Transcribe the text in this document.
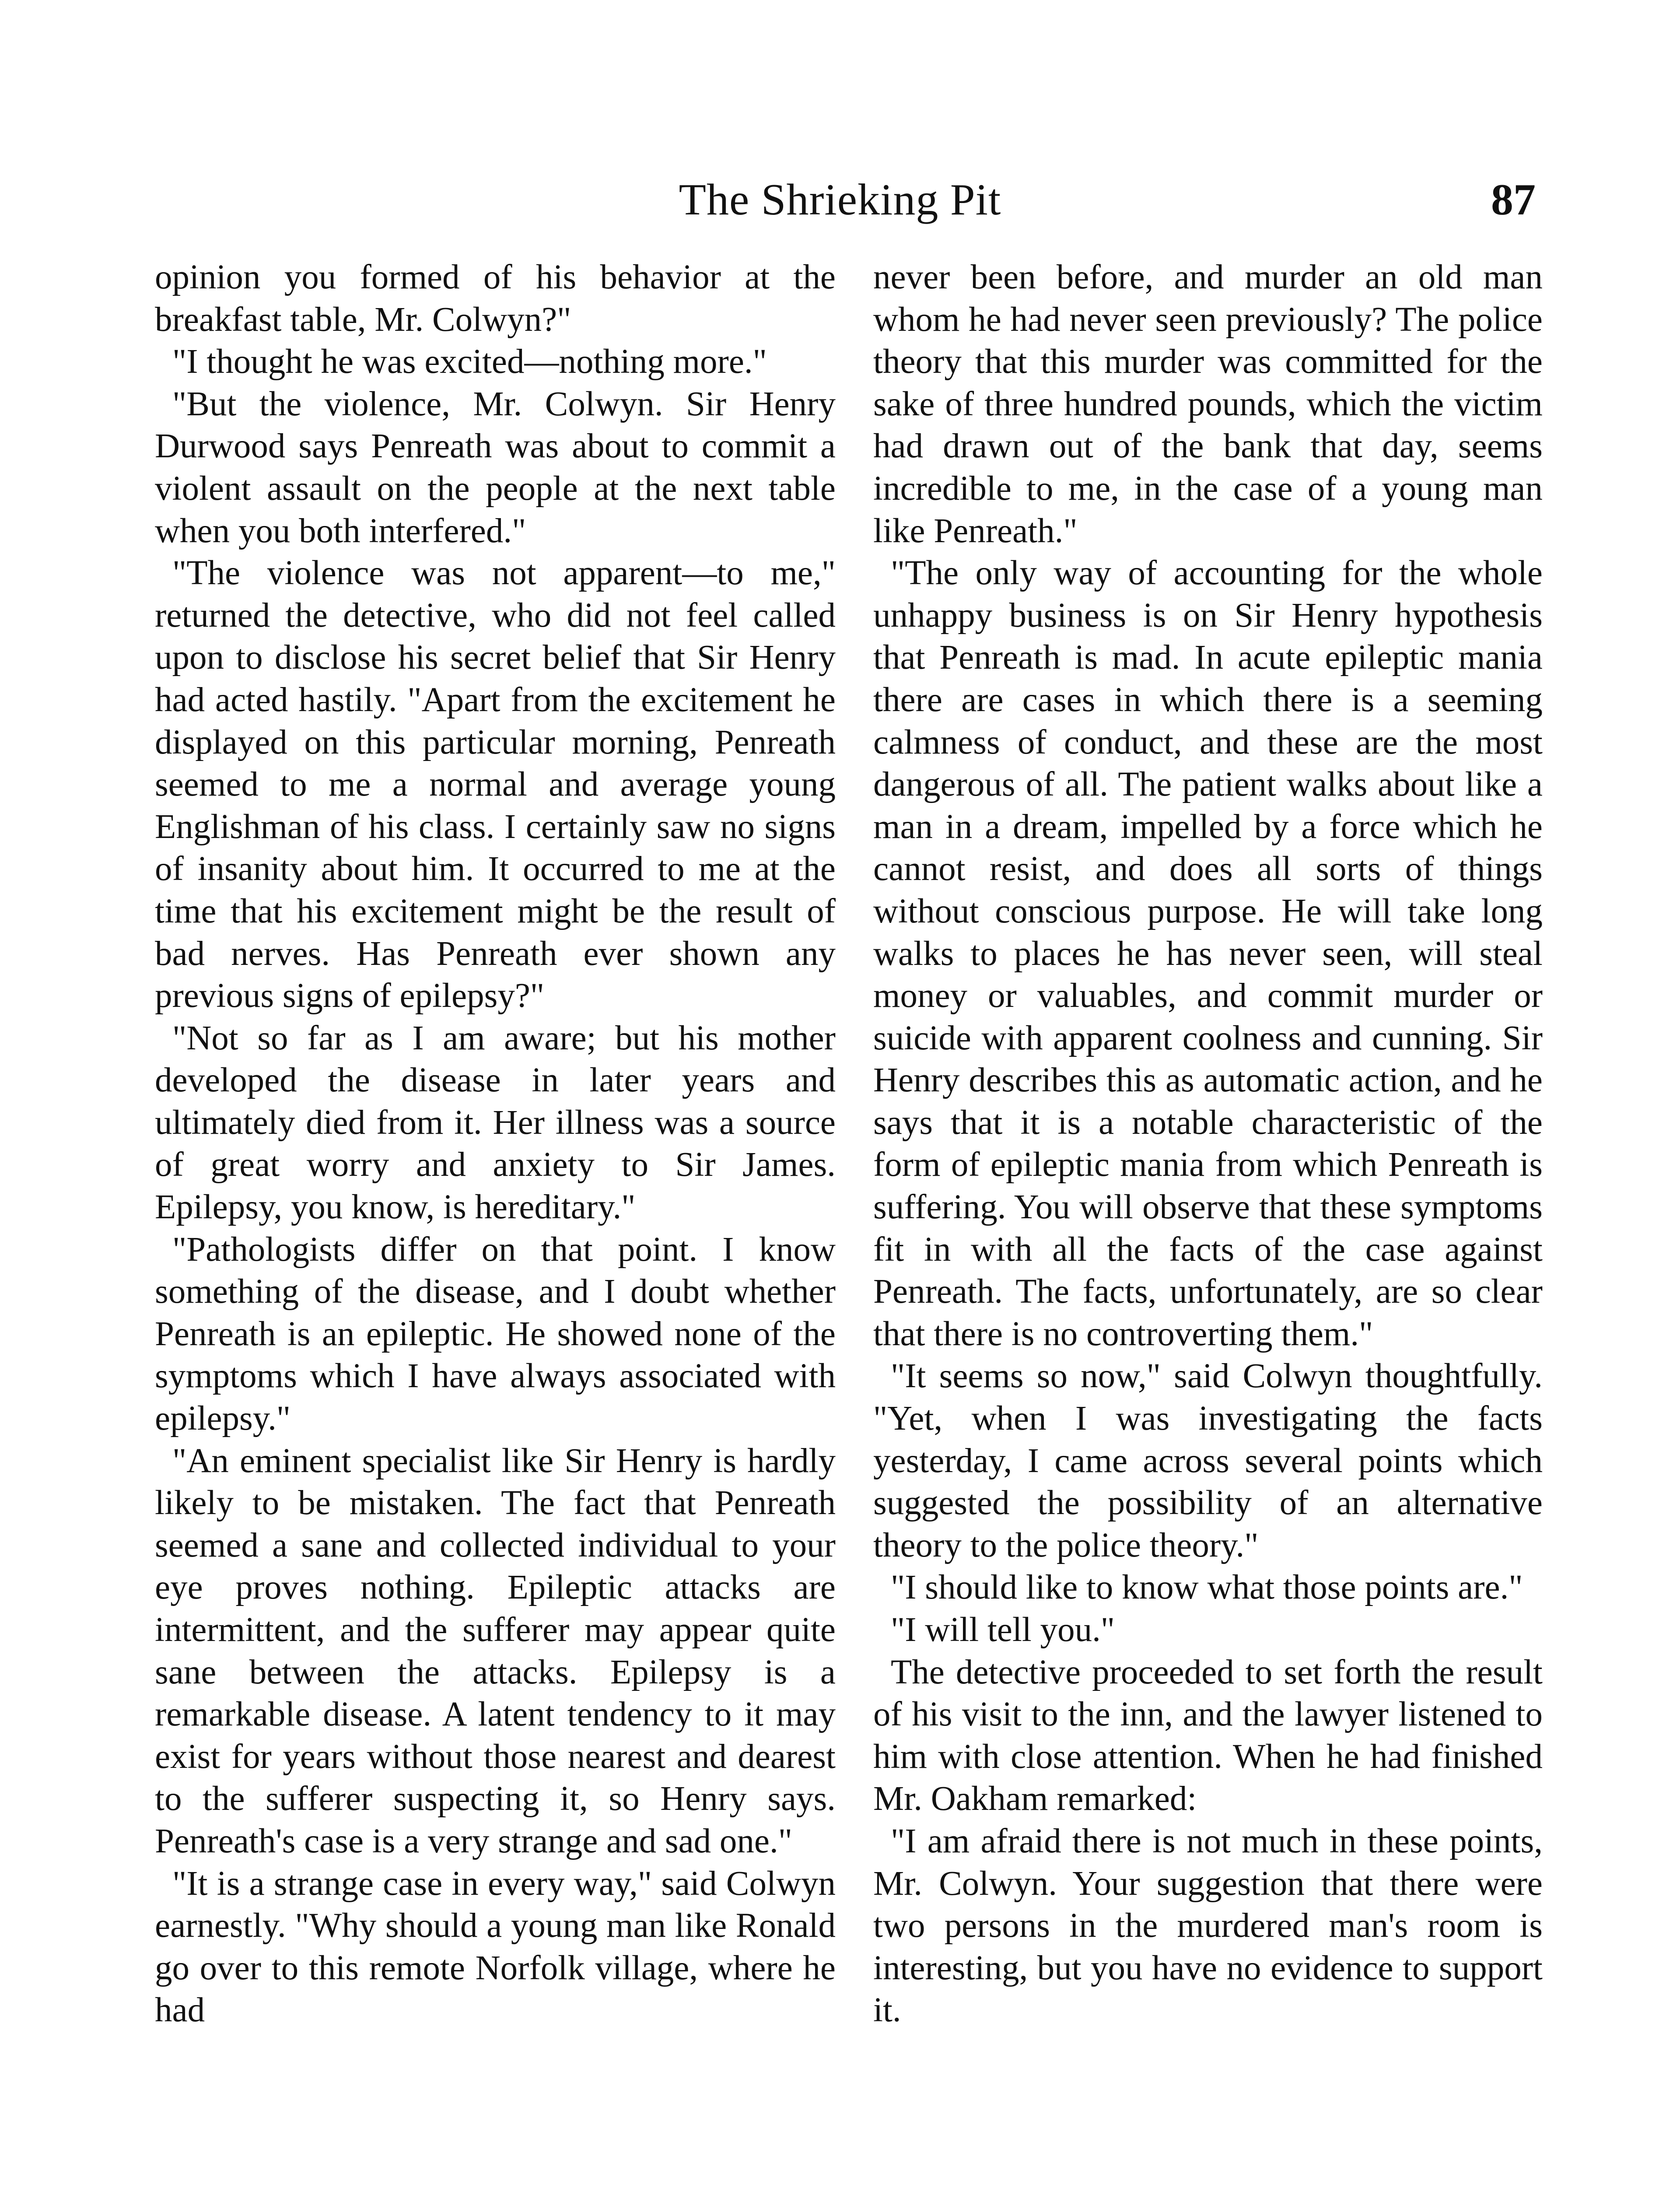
The Shrieking Pit	87

opinion you formed of his behavior at the breakfast table, Mr. Colwyn?"

"I thought he was excited—nothing more."

"But the violence, Mr. Colwyn. Sir Henry Durwood says Penreath was about to commit a violent assault on the people at the next table when you both interfered."

"The violence was not apparent—to me," returned the detective, who did not feel called upon to disclose his secret belief that Sir Henry had acted hastily. "Apart from the excitement he displayed on this particular morning, Penreath seemed to me a normal and average young Englishman of his class. I certainly saw no signs of insanity about him. It occurred to me at the time that his excitement might be the result of bad nerves. Has Penreath ever shown any previous signs of epilepsy?"

"Not so far as I am aware; but his mother developed the disease in later years and ultimately died from it. Her illness was a source of great worry and anxiety to Sir James. Epilepsy, you know, is hereditary."

"Pathologists differ on that point. I know something of the disease, and I doubt whether Penreath is an epileptic. He showed none of the symptoms which I have always associated with epilepsy."

"An eminent specialist like Sir Henry is hardly likely to be mistaken. The fact that Penreath seemed a sane and collected individual to your eye proves nothing. Epileptic attacks are intermittent, and the sufferer may appear quite sane between the attacks. Epilepsy is a remarkable disease. A latent tendency to it may exist for years without those nearest and dearest to the sufferer suspecting it, so Henry says. Penreath's case is a very strange and sad one."

"It is a strange case in every way," said Colwyn earnestly. "Why should a young man like Ronald go over to this remote Norfolk village, where he had

never been before, and murder an old man whom he had never seen previously? The police theory that this murder was committed for the sake of three hundred pounds, which the victim had drawn out of the bank that day, seems incredible to me, in the case of a young man like Penreath."

"The only way of accounting for the whole unhappy business is on Sir Henry hypothesis that Penreath is mad. In acute epileptic mania there are cases in which there is a seeming calmness of conduct, and these are the most dangerous of all. The patient walks about like a man in a dream, impelled by a force which he cannot resist, and does all sorts of things without conscious purpose. He will take long walks to places he has never seen, will steal money or valuables, and commit murder or suicide with apparent coolness and cunning. Sir Henry describes this as automatic action, and he says that it is a notable characteristic of the form of epileptic mania from which Penreath is suffering. You will observe that these symptoms fit in with all the facts of the case against Penreath. The facts, unfortunately, are so clear that there is no controverting them."

"It seems so now," said Colwyn thoughtfully. "Yet, when I was investigating the facts yesterday, I came across several points which suggested the possibility of an alternative theory to the police theory."

"I should like to know what those points are."

"I will tell you."

The detective proceeded to set forth the result of his visit to the inn, and the lawyer listened to him with close attention. When he had finished Mr. Oakham remarked:

"I am afraid there is not much in these points, Mr. Colwyn. Your suggestion that there were two persons in the murdered man's room is interesting, but you have no evidence to support it.
